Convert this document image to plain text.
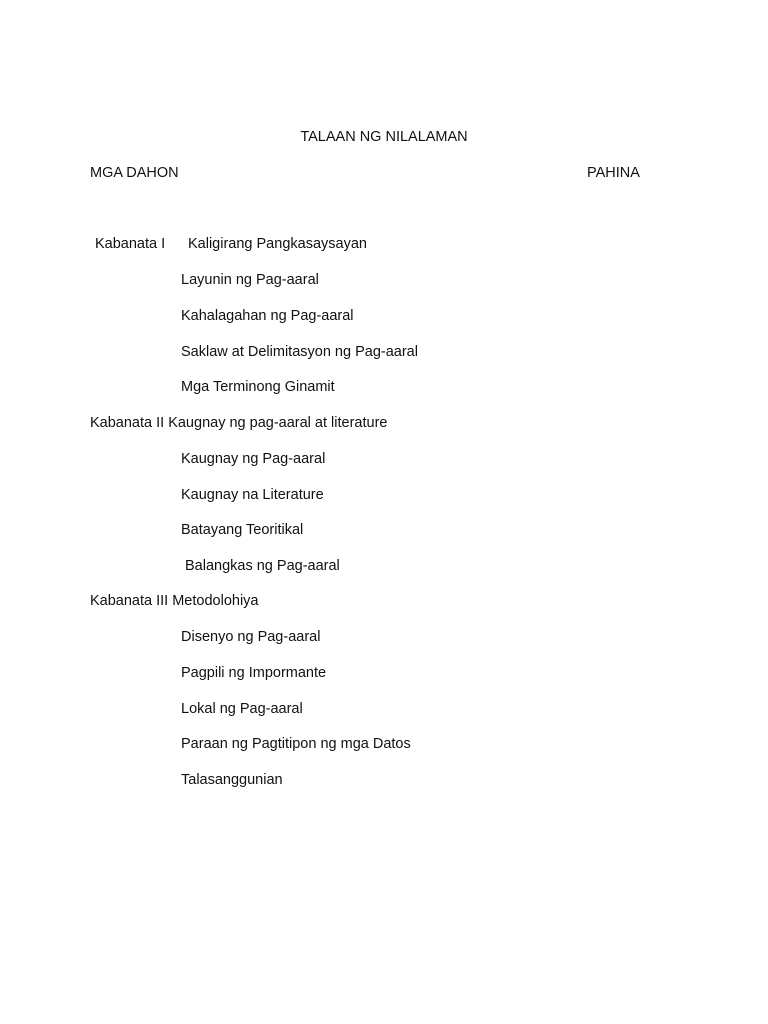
TALAAN NG NILALAMAN
MGA DAHON	PAHINA
Kabanata I Kaligirang Pangkasaysayan
Layunin ng Pag-aaral
Kahalagahan ng Pag-aaral
Saklaw at Delimitasyon ng Pag-aaral
Mga Terminong Ginamit
Kabanata II Kaugnay ng pag-aaral at literature
Kaugnay ng Pag-aaral
Kaugnay na Literature
Batayang Teoritikal
Balangkas ng Pag-aaral
Kabanata III Metodolohiya
Disenyo ng Pag-aaral
Pagpili ng Impormante
Lokal ng Pag-aaral
Paraan ng Pagtitipon ng mga Datos
Talasanggunian
